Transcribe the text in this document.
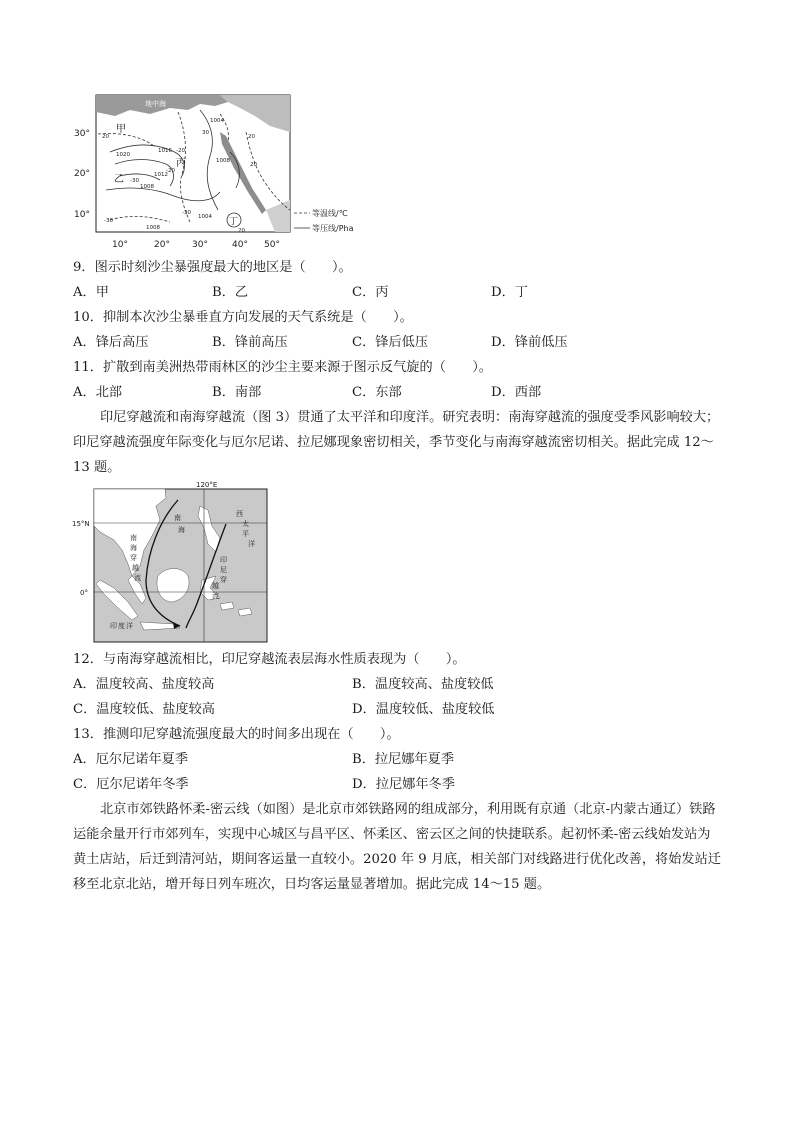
甲
乙
丙
丁
地中海
20
-30
-20
30
-20
20
-30
-30
20
20
1004
1020
1016
1012
1008
1008
1004
1008
30°
20°
10°
10°	20° 30°	40° 50°
等温线/℃
等压线/Pha
9．图示时刻沙尘暴强度最大的地区是（　　）。
A．甲	B．乙	C．丙	D．丁
10．抑制本次沙尘暴垂直方向发展的天气系统是（　　）。
A．锋后高压	B．锋前高压	C．锋后低压	D．锋前低压
11．扩散到南美洲热带雨林区的沙尘主要来源于图示反气旋的（　　）。
A．北部	B．南部	C．东部	D．西部
印尼穿越流和南海穿越流（图 3）贯通了太平洋和印度洋。研究表明：南海穿越流的强度受季风影响较大；印尼穿越流强度年际变化与厄尔尼诺、拉尼娜现象密切相关，季节变化与南海穿越流密切相关。据此完成 12～13 题。
西
太
平
洋
南
海
印 度 洋
印
尼
穿
越
流
南
海
穿
越
流
120°E
15°N
0°
12．与南海穿越流相比，印尼穿越流表层海水性质表现为（　　）。
A．温度较高、盐度较高	B．温度较高、盐度较低
C．温度较低、盐度较高	D．温度较低、盐度较低
13．推测印尼穿越流强度最大的时间多出现在（　　）。
A．厄尔尼诺年夏季	B．拉尼娜年夏季
C．厄尔尼诺年冬季	D．拉尼娜年冬季
北京市郊铁路怀柔-密云线（如图）是北京市郊铁路网的组成部分，利用既有京通（北京-内蒙古通辽）铁路运能余量开行市郊列车，实现中心城区与昌平区、怀柔区、密云区之间的快捷联系。起初怀柔-密云线始发站为黄土店站，后迁到清河站，期间客运量一直较小。2020 年 9 月底，相关部门对线路进行优化改善，将始发站迁移至北京北站，增开每日列车班次，日均客运量显著增加。据此完成 14～15 题。
